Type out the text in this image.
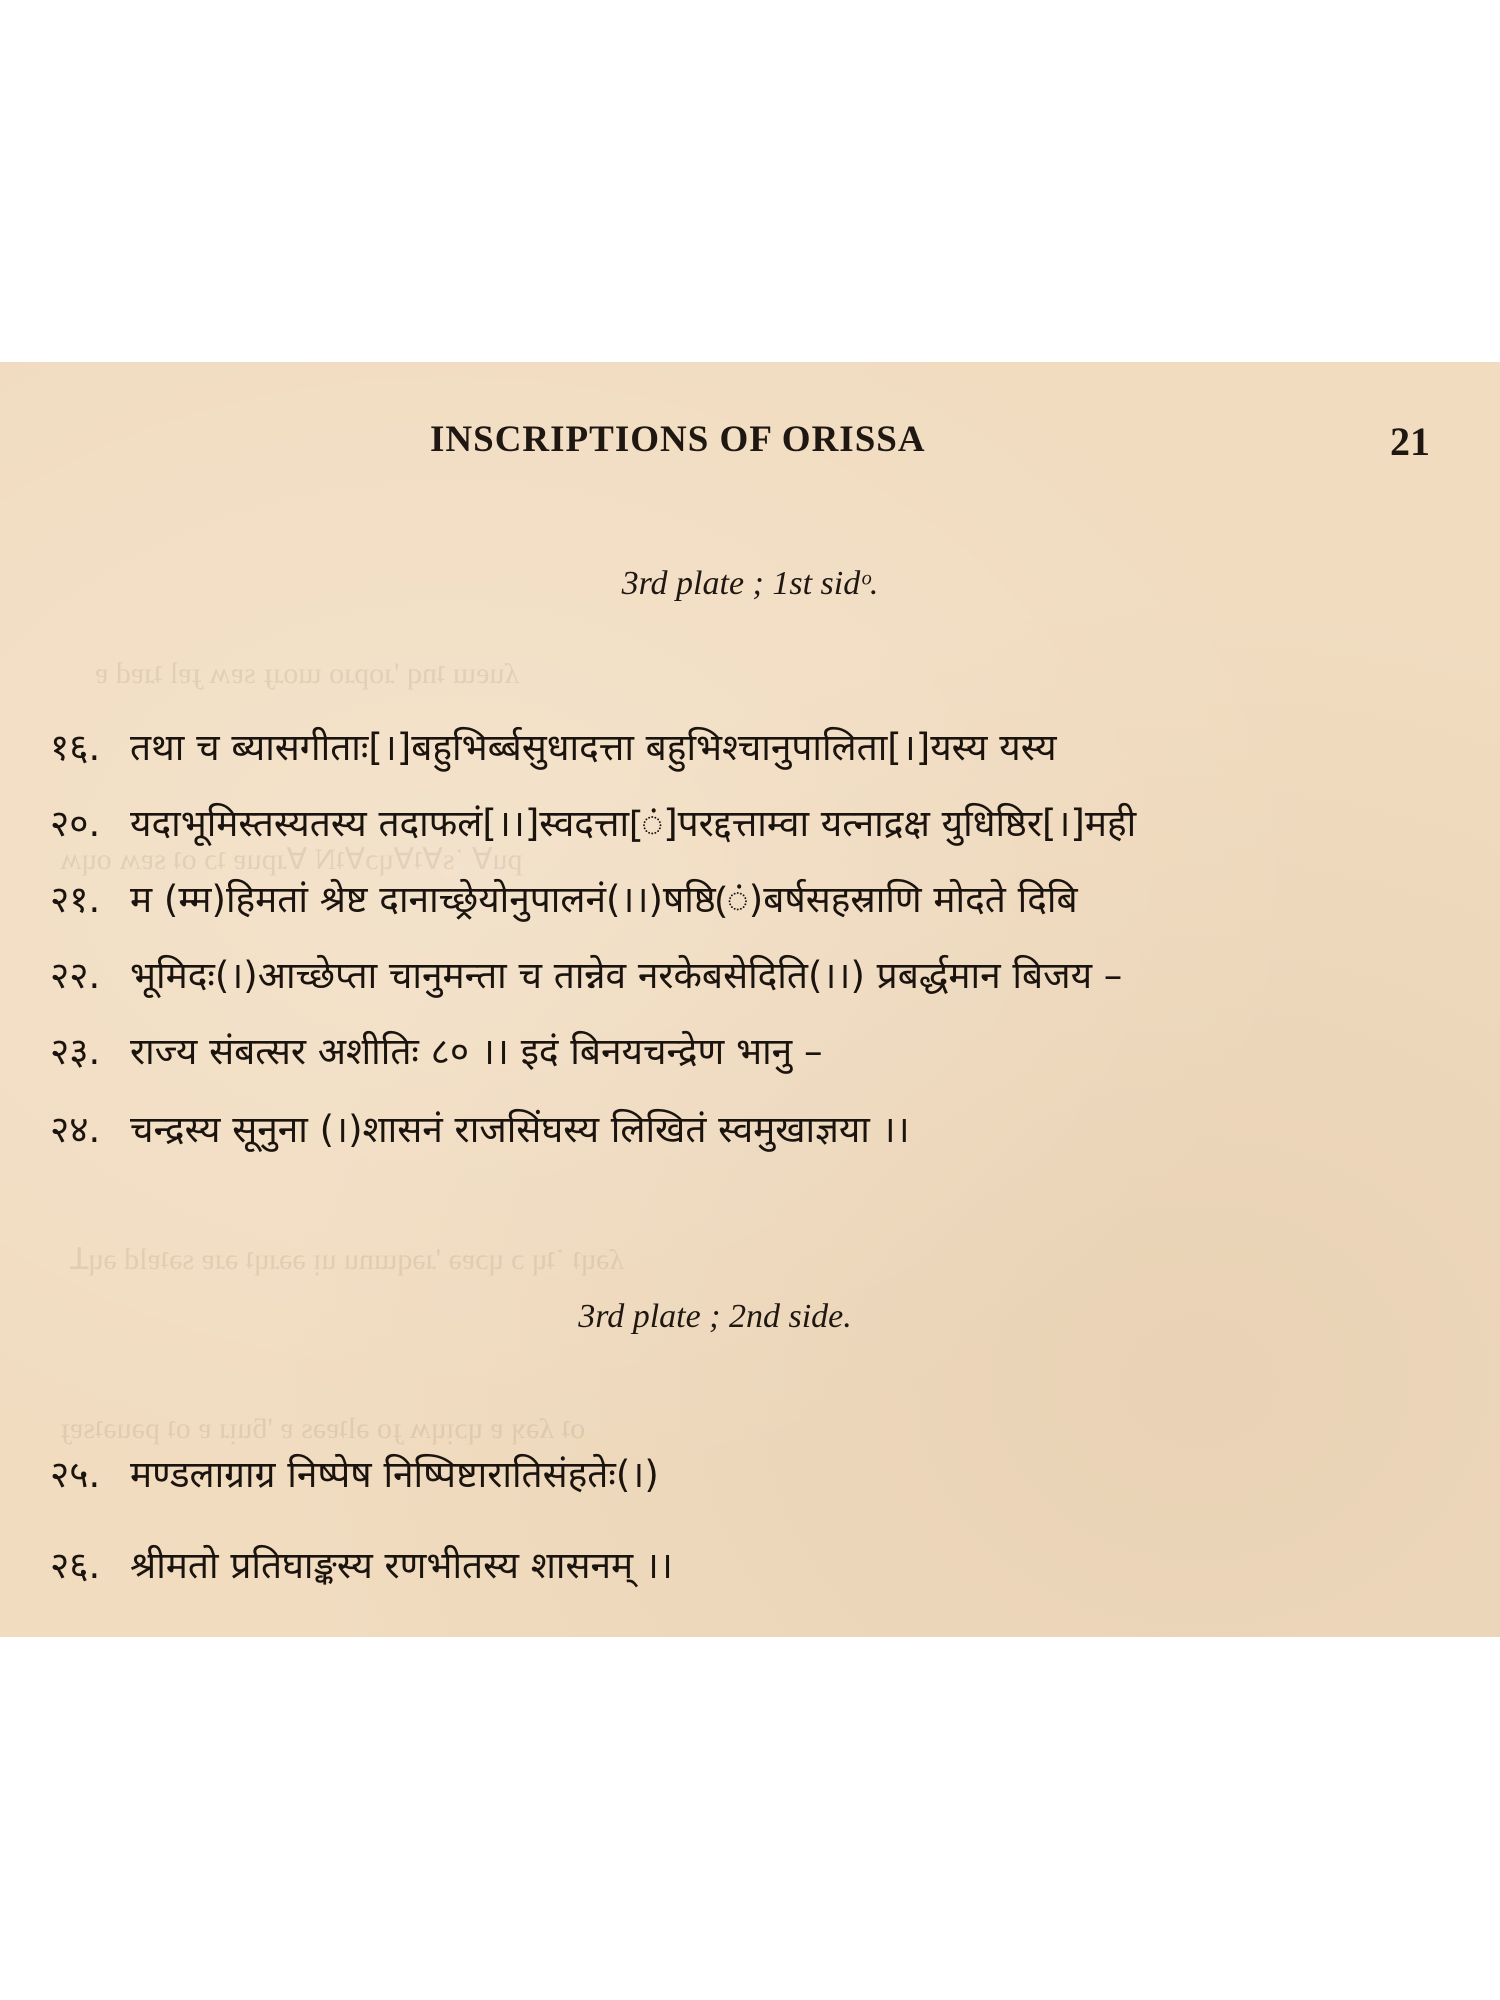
ʎueɯ ʇnq 'ɹopɹo ɯoɹɟ sɐʍ ɟɐl ʇɹɐd ɐ
pu∀ ˙s∀ʇ∀ɥɔ∀ʇN ∀ɹpuɐ ʇɔ oʇ sɐʍ oɥʍ
ʎǝɥʇ ˙ʇɥ ɔ ɥɔɐǝ 'ɹǝqɯnu uᴉ ǝǝɹɥʇ ǝɹɐ sǝʇɐld ǝɥꓕ
oʇ ʎǝʞ ɐ ɥɔᴉɥʍ ɟo ǝlʇɐǝs ɐ 'ƃuᴉɹ ɐ oʇ pǝuǝʇsɐɟ
INSCRIPTIONS OF ORISSA	21
3rd plate ; 1st sidᵒ.
१६. तथा च ब्यासगीताः[।]बहुभिर्ब्बसुधादत्ता बहुभिश्चानुपालिता[।]यस्य यस्य
२०. यदाभूमिस्तस्यतस्य तदाफलं[।।]स्वदत्ता[ं]परद्दत्ताम्वा यत्नाद्रक्ष युधिष्ठिर[।]मही
२१. म (म्म)हिमतां श्रेष्ट दानाच्छ्रेयोनुपालनं(।।)षष्ठि(ं)बर्षसहस्राणि मोदते दिबि
२२. भूमिदः(।)आच्छेप्ता चानुमन्ता च तान्नेव नरकेबसेदिति(।।) प्रबर्द्धमान बिजय –
२३. राज्य संबत्सर अशीतिः ८० ।। इदं बिनयचन्द्रेण भानु –
२४. चन्द्रस्य सूनुना (।)शासनं राजसिंघस्य लिखितं स्वमुखाज्ञया ।।
3rd plate ; 2nd side.
२५. मण्डलाग्राग्र निष्पेष निष्पिष्टारातिसंहतेः(।)
२६. श्रीमतो प्रतिघाङ्कस्य रणभीतस्य शासनम् ।।
